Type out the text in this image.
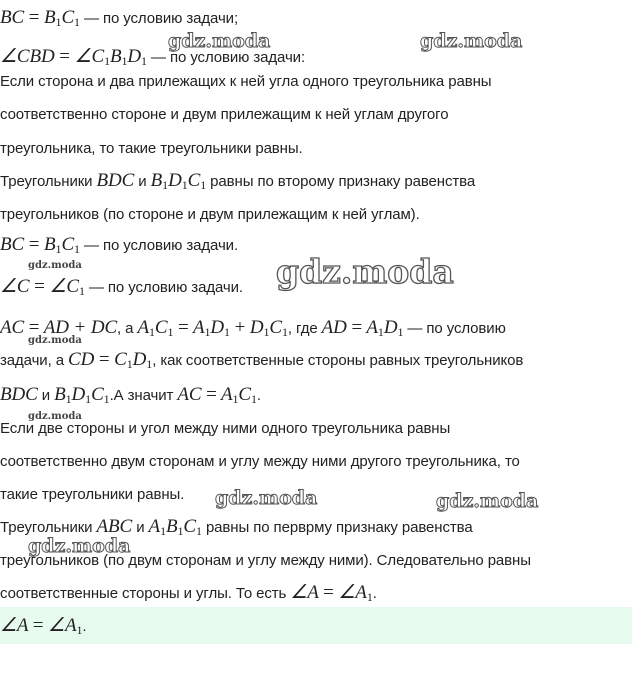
BC = $B_1C_1$ — по условию задачи;
∠CBD = $\angle C_1B_1D_1$ — по условию задачи:
Если сторона и два прилежащих к ней угла одного треугольника равны
соответственно стороне и двум прилежащим к ней углам другого
треугольника, то такие треугольники равны.
Треугольники BDC и $B_1D_1C_1$ равны по второму признаку равенства
треугольников (по стороне и двум прилежащим к ней углам).
BC = $B_1C_1$ — по условию задачи.
∠C = $\angle C_1$ — по условию задачи.
AC = AD + DC, а $A_1C_1 = A_1D_1 + D_1C_1$, где AD = $A_1D_1$ — по условию
задачи, а CD = $C_1D_1$, как соответственные стороны равных треугольников
BDC и $B_1D_1C_1.А$ значит AC = $A_1C_1$.
Если две стороны и угол между ними одного треугольника равны
соответственно двум сторонам и углу между ними другого треугольника, то
такие треугольники равны.
Треугольники ABC и $A_1B_1C_1$ равны по перврму признаку равенства
треугольников (по двум сторонам и углу между ними). Следовательно равны
соответственные стороны и углы. То есть ∠A = $\angle A_1$.
∠A = $\angle A_1$.
gdz.moda	gdz.moda
gdz.moda	gdz.moda
gdz.moda
gdz.moda
gdz.moda	gdz.moda
gdz.moda
